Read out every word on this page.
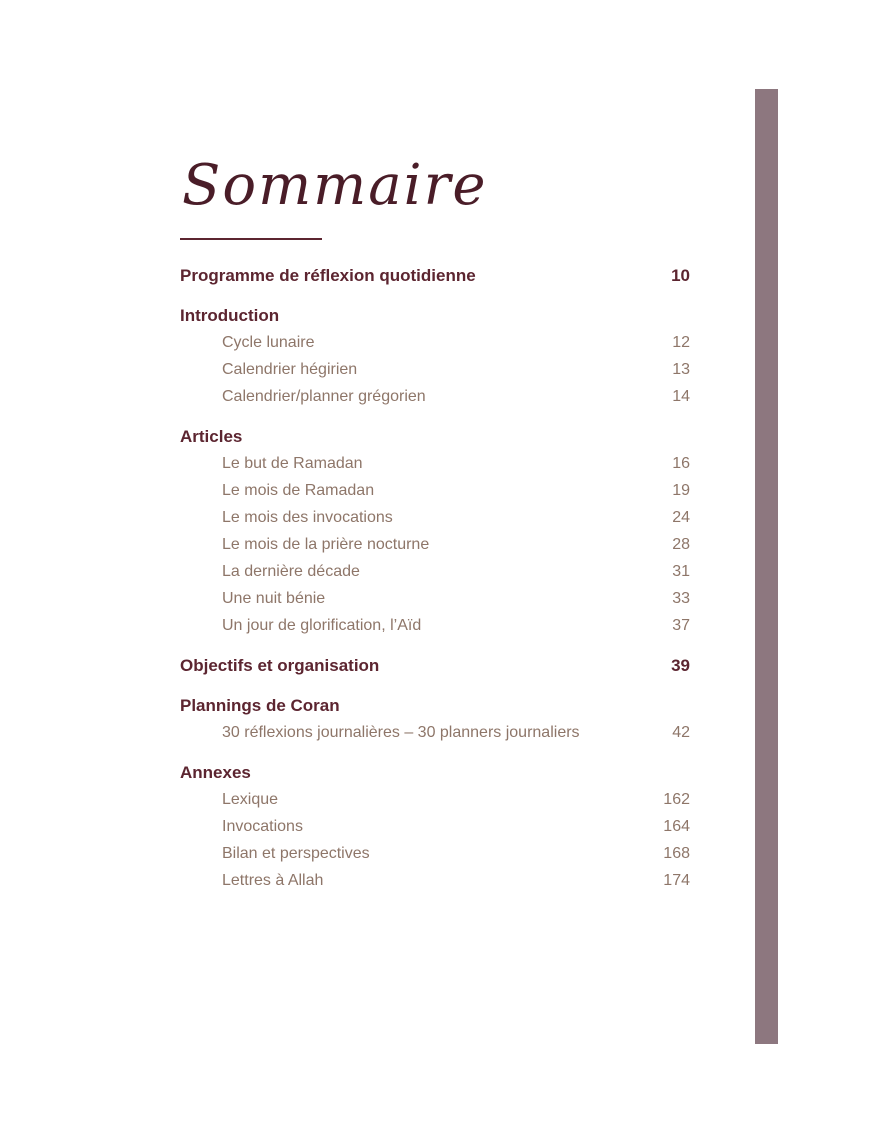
Sommaire
Programme de réflexion quotidienne	10
Introduction
Cycle lunaire	12
Calendrier hégirien	13
Calendrier/planner grégorien	14
Articles
Le but de Ramadan	16
Le mois de Ramadan	19
Le mois des invocations	24
Le mois de la prière nocturne	28
La dernière décade	31
Une nuit bénie	33
Un jour de glorification, l’Aïd	37
Objectifs et organisation	39
Plannings de Coran
30 réflexions journalières – 30 planners journaliers	42
Annexes
Lexique	162
Invocations	164
Bilan et perspectives	168
Lettres à Allah	174
